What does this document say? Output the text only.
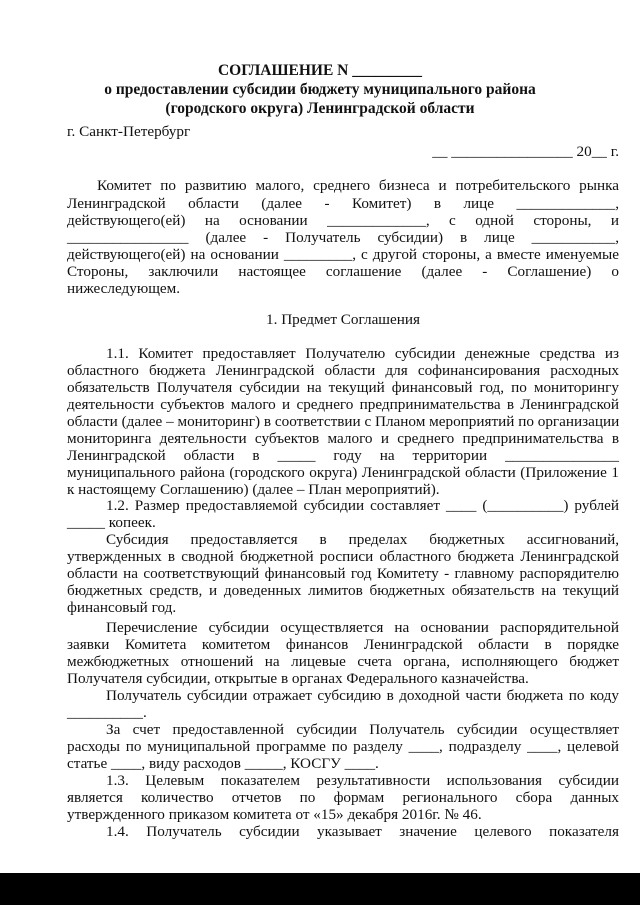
СОГЛАШЕНИЕ N _________
о предоставлении субсидии бюджету муниципального района
(городского округа) Ленинградской области
г. Санкт-Петербург
__ ________________ 20__ г.
Комитет по развитию малого, среднего бизнеса и потребительского рынка
Ленинградской области (далее - Комитет) в лице _____________,
действующего(ей) на основании _____________, с одной стороны, и
________________ (далее - Получатель субсидии) в лице ___________,
действующего(ей) на основании _________, с другой стороны, а вместе именуемые
Стороны, заключили настоящее соглашение (далее - Соглашение) о
нижеследующем.
1. Предмет Соглашения
1.1. Комитет предоставляет Получателю субсидии денежные средства из
областного бюджета Ленинградской области для софинансирования расходных
обязательств Получателя субсидии на текущий финансовый год, по мониторингу
деятельности субъектов малого и среднего предпринимательства в Ленинградской
области (далее – мониторинг) в соответствии с Планом мероприятий по организации
мониторинга деятельности субъектов малого и среднего предпринимательства в
Ленинградской области в _____ году на территории _______________
муниципального района (городского округа) Ленинградской области (Приложение 1
к настоящему Соглашению) (далее – План мероприятий).
1.2. Размер предоставляемой субсидии составляет ____ (__________) рублей
_____ копеек.
Субсидия предоставляется в пределах бюджетных ассигнований,
утвержденных в сводной бюджетной росписи областного бюджета Ленинградской
области на соответствующий финансовый год Комитету - главному распорядителю
бюджетных средств, и доведенных лимитов бюджетных обязательств на текущий
финансовый год.
Перечисление субсидии осуществляется на основании распорядительной
заявки Комитета комитетом финансов Ленинградской области в порядке
межбюджетных отношений на лицевые счета органа, исполняющего бюджет
Получателя субсидии, открытые в органах Федерального казначейства.
Получатель субсидии отражает субсидию в доходной части бюджета по коду
__________.
За счет предоставленной субсидии Получатель субсидии осуществляет
расходы по муниципальной программе по разделу ____, подразделу ____, целевой
статье ____, виду расходов _____, КОСГУ ____.
1.3. Целевым показателем результативности использования субсидии
является количество отчетов по формам регионального сбора данных
утвержденного приказом комитета от «15» декабря 2016г. № 46.
1.4. Получатель субсидии указывает значение целевого показателя
